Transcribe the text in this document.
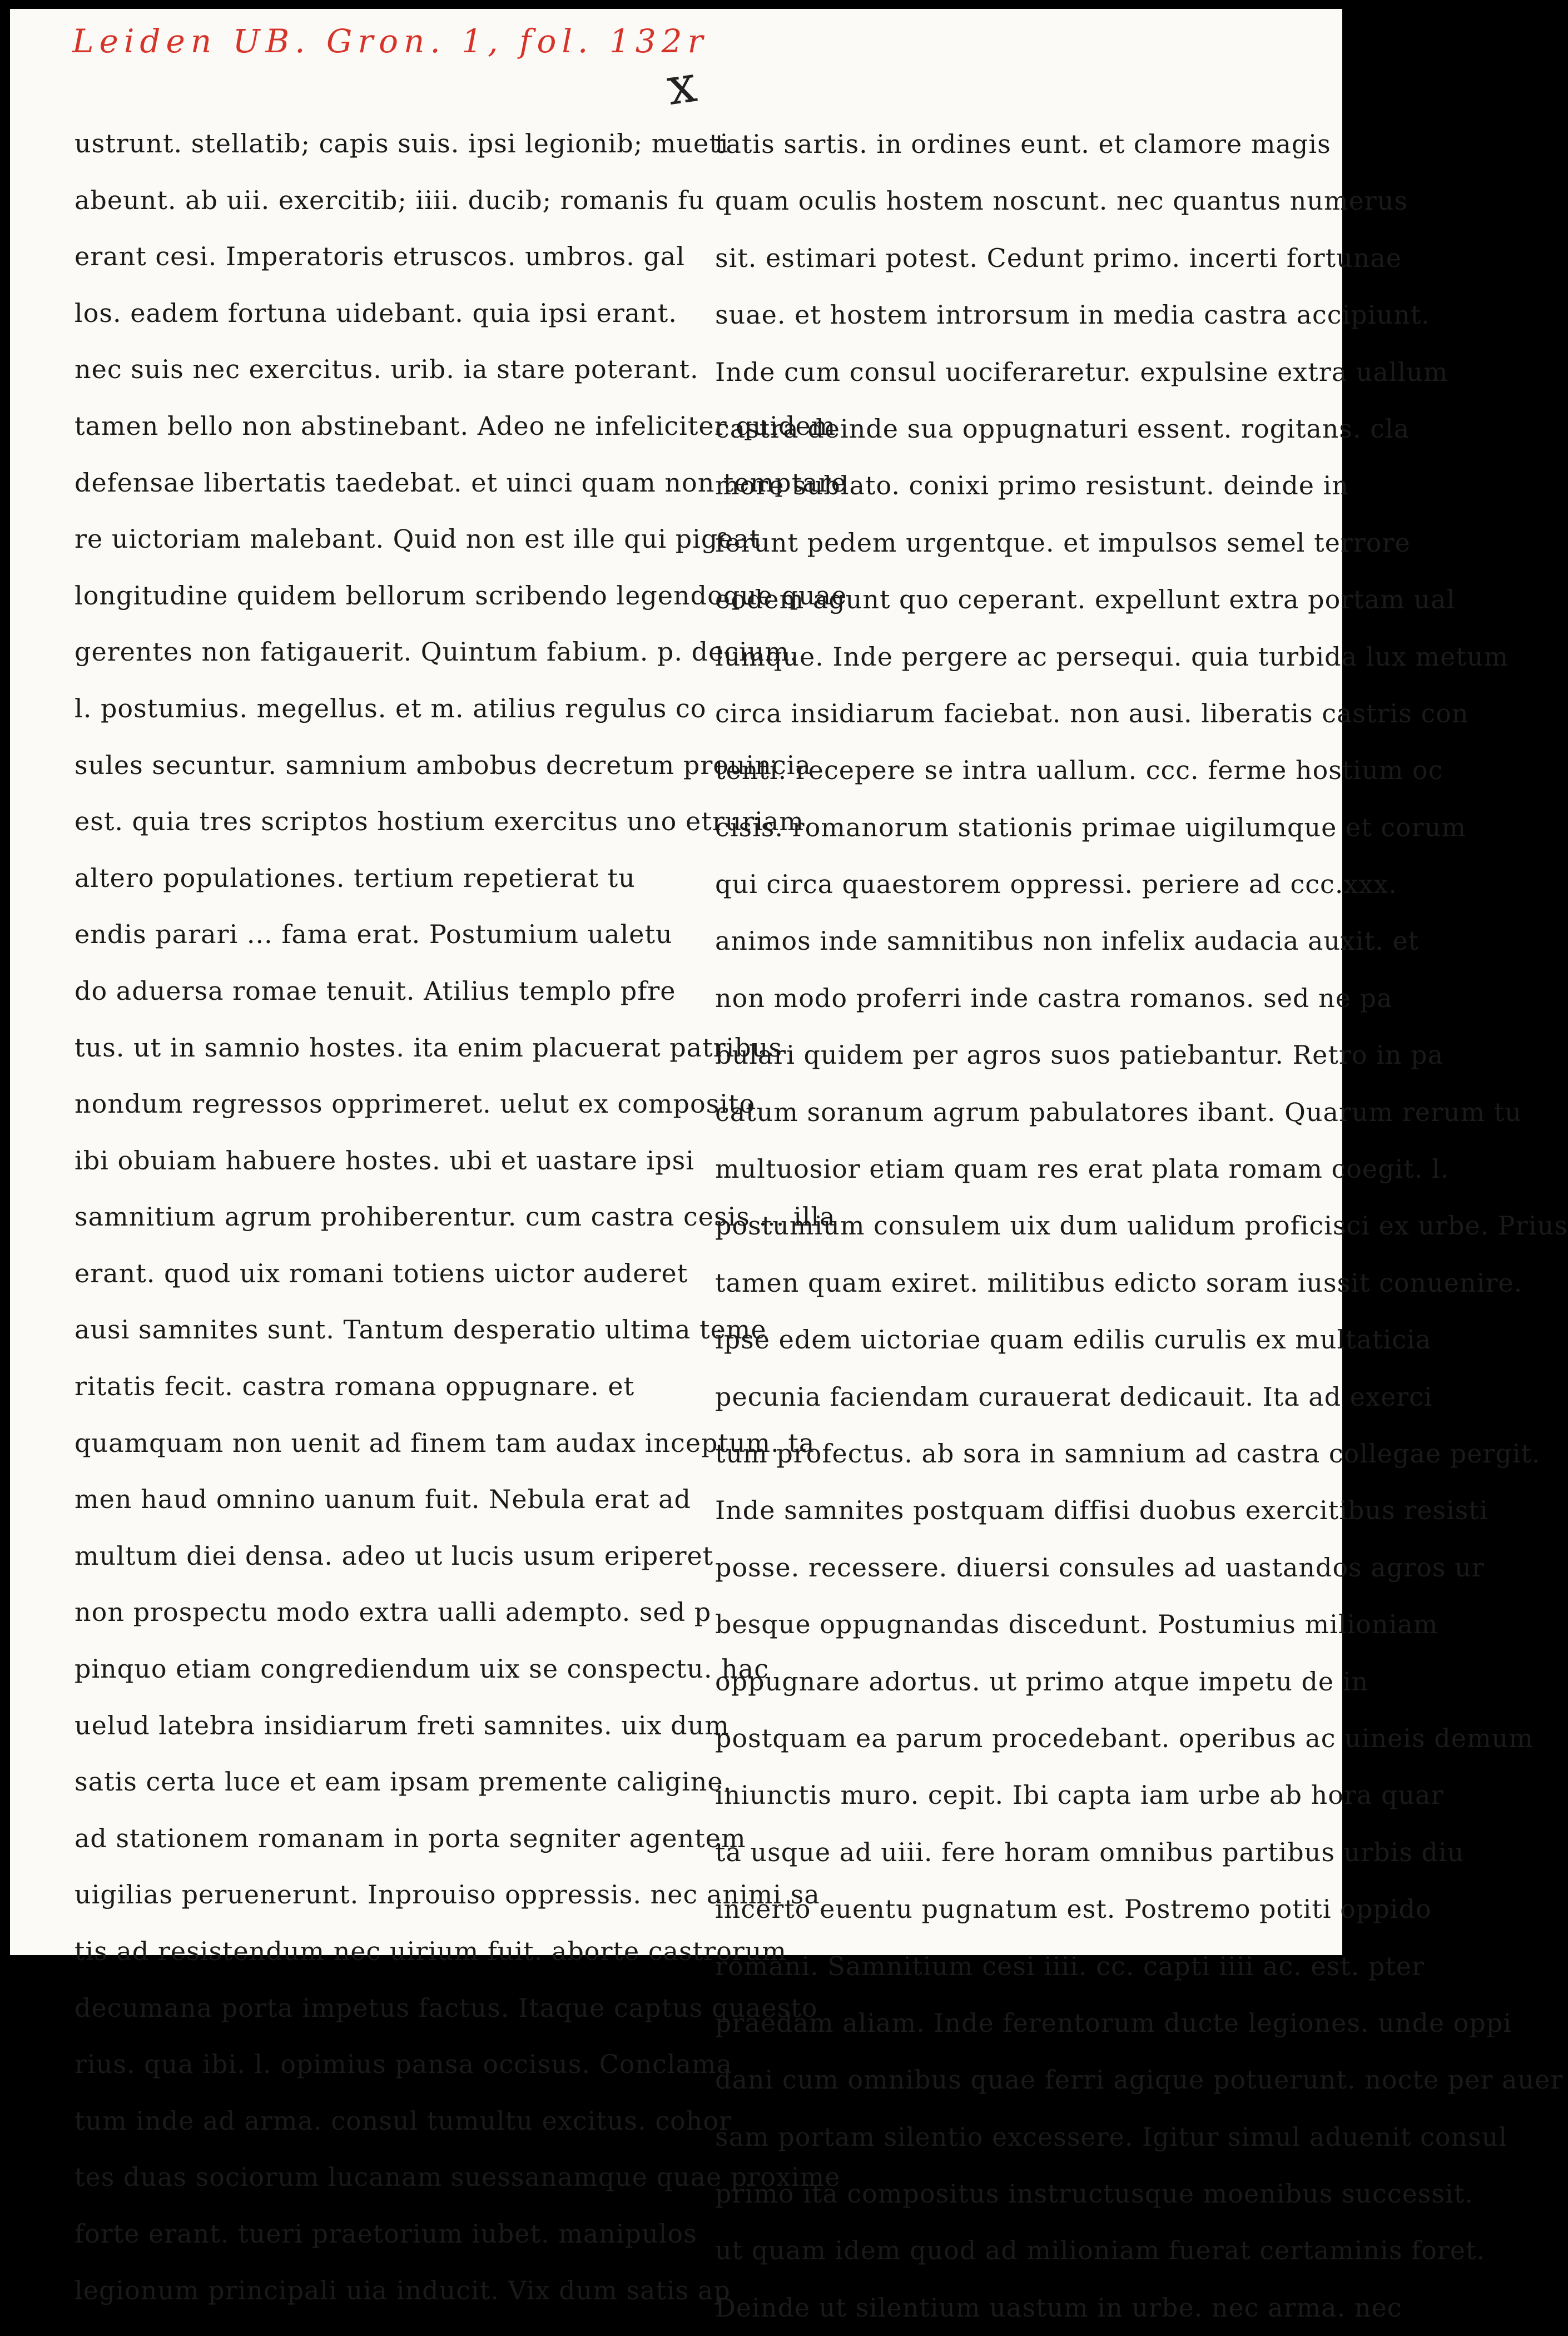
Leiden UB. Gron. 1, fol. 132r
x
ustrunt. stellatib; capis suis. ipsi legionib; mueti
abeunt. ab uii. exercitib; iiii. ducib; romanis fu
erant cesi. Imperatoris etruscos. umbros. gal
los. eadem fortuna uidebant. quia ipsi erant.
nec suis nec exercitus. urib. ia stare poterant.
tamen bello non abstinebant. Adeo ne infeliciter quidem
defensae libertatis taedebat. et uinci quam non temptare
re uictoriam malebant. Quid non est ille qui pigeat
longitudine quidem bellorum scribendo legendoque quae
gerentes non fatigauerit. Quintum fabium. p. decium.
l. postumius. megellus. et m. atilius regulus co
sules secuntur. samnium ambobus decretum prouincia
est. quia tres scriptos hostium exercitus uno etruriam
altero populationes. tertium repetierat tu
endis parari ... fama erat. Postumium ualetu
do aduersa romae tenuit. Atilius templo pfre
tus. ut in samnio hostes. ita enim placuerat patribus
nondum regressos opprimeret. uelut ex composito
ibi obuiam habuere hostes. ubi et uastare ipsi
samnitium agrum prohiberentur. cum castra cesis ... illa
erant. quod uix romani totiens uictor auderet
ausi samnites sunt. Tantum desperatio ultima teme
ritatis fecit. castra romana oppugnare. et
quamquam non uenit ad finem tam audax inceptum. ta
men haud omnino uanum fuit. Nebula erat ad
multum diei densa. adeo ut lucis usum eriperet
non prospectu modo extra ualli adempto. sed p
pinquo etiam congrediendum uix se conspectu. hac
uelud latebra insidiarum freti samnites. uix dum
satis certa luce et eam ipsam premente caligine.
ad stationem romanam in porta segniter agentem
uigilias peruenerunt. Inprouiso oppressis. nec animi sa
tis ad resistendum nec uirium fuit. aborte castrorum
decumana porta impetus factus. Itaque captus quaesto
rius. qua ibi. l. opimius pansa occisus. Conclama
tum inde ad arma. consul tumultu excitus. cohor
tes duas sociorum lucanam suessanamque quae proxime
forte erant. tueri praetorium iubet. manipulos
legionum principali uia inducit. Vix dum satis ap
tatis sartis. in ordines eunt. et clamore magis
quam oculis hostem noscunt. nec quantus numerus
sit. estimari potest. Cedunt primo. incerti fortunae
suae. et hostem introrsum in media castra accipiunt.
Inde cum consul uociferaretur. expulsine extra uallum
castra deinde sua oppugnaturi essent. rogitans. cla
more sublato. conixi primo resistunt. deinde in
ferunt pedem urgentque. et impulsos semel terrore
eodem agunt quo ceperant. expellunt extra portam ual
lumque. Inde pergere ac persequi. quia turbida lux metum
circa insidiarum faciebat. non ausi. liberatis castris con
tenti. recepere se intra uallum. ccc. ferme hostium oc
cisis. romanorum stationis primae uigilumque et corum
qui circa quaestorem oppressi. periere ad ccc.xxx.
animos inde samnitibus non infelix audacia auxit. et
non modo proferri inde castra romanos. sed ne pa
bulari quidem per agros suos patiebantur. Retro in pa
catum soranum agrum pabulatores ibant. Quarum rerum tu
multuosior etiam quam res erat plata romam coegit. l.
postumium consulem uix dum ualidum proficisci ex urbe. Prius
tamen quam exiret. militibus edicto soram iussit conuenire.
ipse edem uictoriae quam edilis curulis ex multaticia
pecunia faciendam curauerat dedicauit. Ita ad exerci
tum profectus. ab sora in samnium ad castra collegae pergit.
Inde samnites postquam diffisi duobus exercitibus resisti
posse. recessere. diuersi consules ad uastandos agros ur
besque oppugnandas discedunt. Postumius milioniam
oppugnare adortus. ut primo atque impetu de in
postquam ea parum procedebant. operibus ac uineis demum
iniunctis muro. cepit. Ibi capta iam urbe ab hora quar
ta usque ad uiii. fere horam omnibus partibus urbis diu
incerto euentu pugnatum est. Postremo potiti oppido
romani. Samnitium cesi iiii. cc. capti iiii ac. est. pter
praedam aliam. Inde ferentorum ducte legiones. unde oppi
dani cum omnibus quae ferri agique potuerunt. nocte per auer
sam portam silentio excessere. Igitur simul aduenit consul
primo ita compositus instructusque moenibus successit.
ut quam idem quod ad milioniam fuerat certaminis foret.
Deinde ut silentium uastum in urbe. nec arma. nec
